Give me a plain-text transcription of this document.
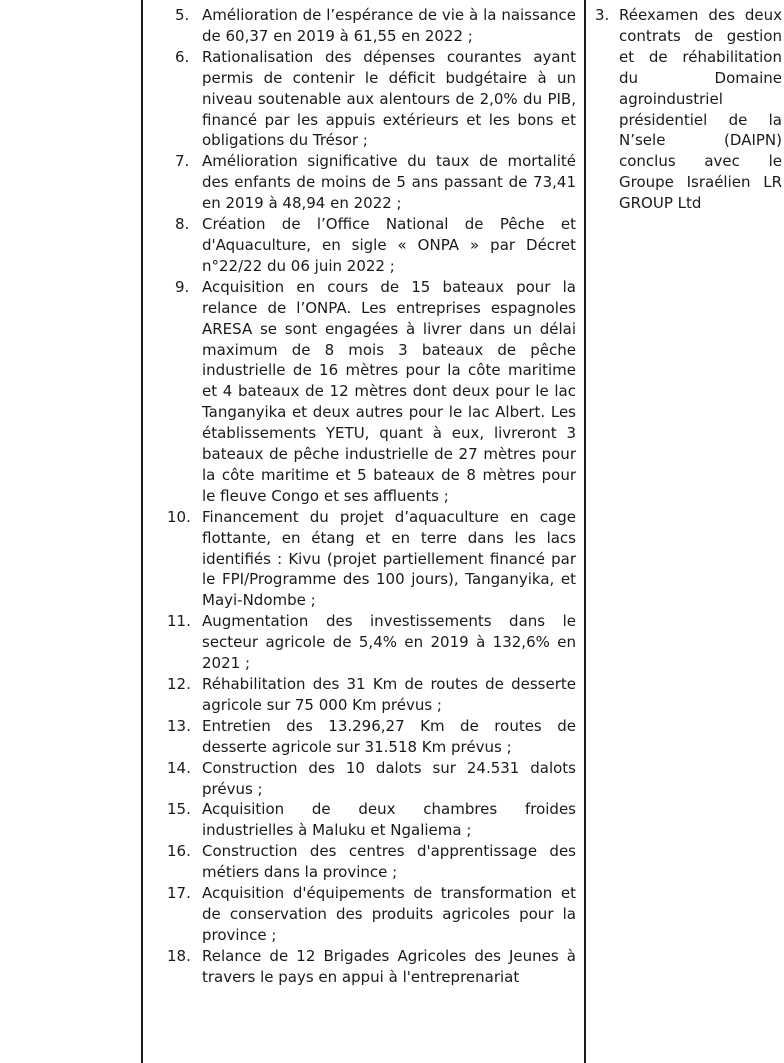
5. Amélioration de l’espérance de vie à la naissance de 60,37 en 2019 à 61,55 en 2022 ;
6. Rationalisation des dépenses courantes ayant permis de contenir le déficit budgétaire à un niveau soutenable aux alentours de 2,0% du PIB, financé par les appuis extérieurs et les bons et obligations du Trésor ;
7. Amélioration significative du taux de mortalité des enfants de moins de 5 ans passant de 73,41 en 2019 à 48,94 en 2022 ;
8. Création de l’Office National de Pêche et d'Aquaculture, en sigle « ONPA » par Décret n°22/22 du 06 juin 2022 ;
9. Acquisition en cours de 15 bateaux pour la relance de l’ONPA. Les entreprises espagnoles ARESA se sont engagées à livrer dans un délai maximum de 8 mois 3 bateaux de pêche industrielle de 16 mètres pour la côte maritime et 4 bateaux de 12 mètres dont deux pour le lac Tanganyika et deux autres pour le lac Albert. Les établissements YETU, quant à eux, livreront 3 bateaux de pêche industrielle de 27 mètres pour la côte maritime et 5 bateaux de 8 mètres pour le fleuve Congo et ses affluents ;
10. Financement du projet d’aquaculture en cage flottante, en étang et en terre dans les lacs identifiés : Kivu (projet partiellement financé par le FPI/Programme des 100 jours), Tanganyika, et Mayi-Ndombe ;
11. Augmentation des investissements dans le secteur agricole de 5,4% en 2019 à 132,6% en 2021 ;
12. Réhabilitation des 31 Km de routes de desserte agricole sur 75 000 Km prévus ;
13. Entretien des 13.296,27 Km de routes de desserte agricole sur 31.518 Km prévus ;
14. Construction des 10 dalots sur 24.531 dalots prévus ;
15. Acquisition de deux chambres froides industrielles à Maluku et Ngaliema ;
16. Construction des centres d'apprentissage des métiers dans la province ;
17. Acquisition d'équipements de transformation et de conservation des produits agricoles pour la province ;
18. Relance de 12 Brigades Agricoles des Jeunes à travers le pays en appui à l'entreprenariat
3. Réexamen des deux contrats de gestion et de réhabilitation du Domaine agroindustriel présidentiel de la N’sele (DAIPN) conclus avec le Groupe Israélien LR GROUP Ltd
